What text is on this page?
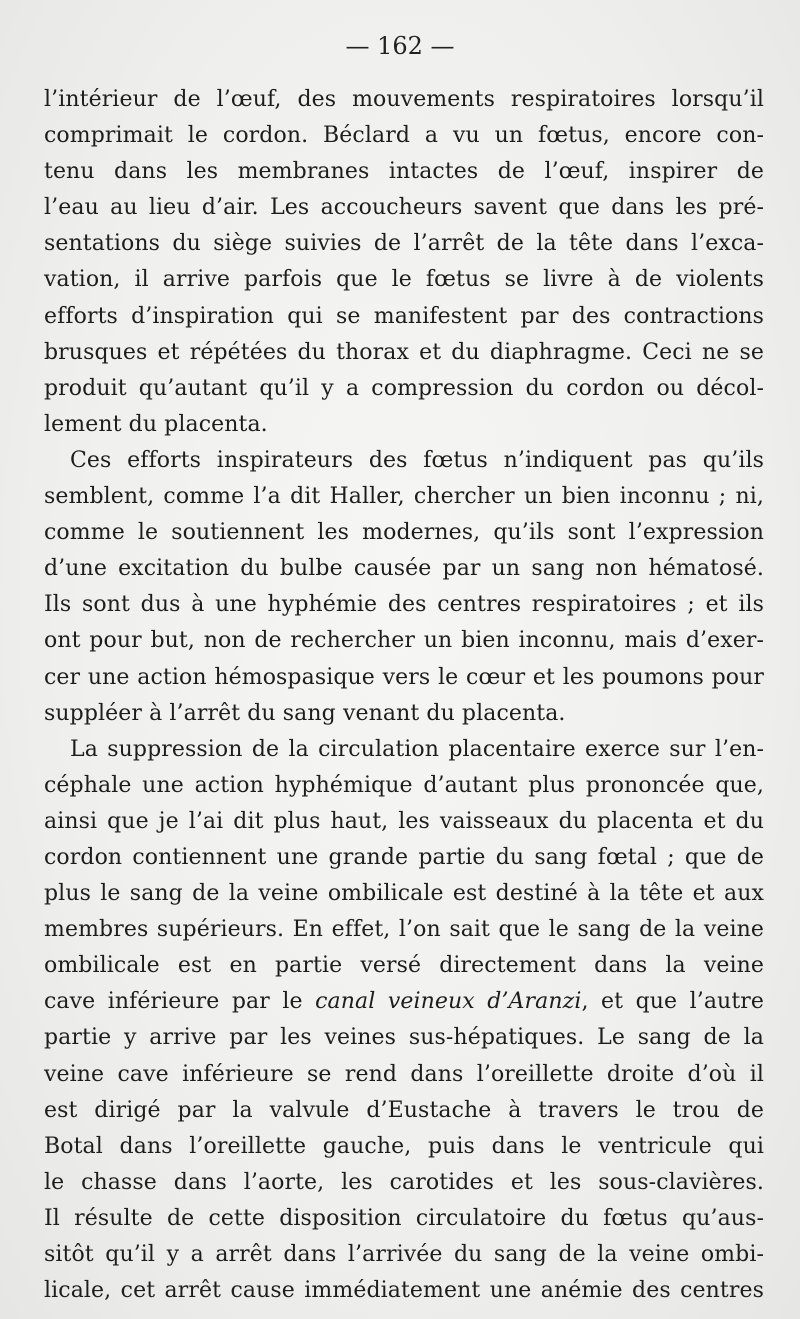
— 162 —

l’intérieur de l’œuf, des mouvements respiratoires lorsqu’il
comprimait le cordon. Béclard a vu un fœtus, encore con-
tenu dans les membranes intactes de l’œuf, inspirer de
l’eau au lieu d’air. Les accoucheurs savent que dans les pré-
sentations du siège suivies de l’arrêt de la tête dans l’exca-
vation, il arrive parfois que le fœtus se livre à de violents
efforts d’inspiration qui se manifestent par des contractions
brusques et répétées du thorax et du diaphragme. Ceci ne se
produit qu’autant qu’il y a compression du cordon ou décol-
lement du placenta.

Ces efforts inspirateurs des fœtus n’indiquent pas qu’ils
semblent, comme l’a dit Haller, chercher un bien inconnu ; ni,
comme le soutiennent les modernes, qu’ils sont l’expression
d’une excitation du bulbe causée par un sang non hématosé.
Ils sont dus à une hyphémie des centres respiratoires ; et ils
ont pour but, non de rechercher un bien inconnu, mais d’exer-
cer une action hémospasique vers le cœur et les poumons pour
suppléer à l’arrêt du sang venant du placenta.

La suppression de la circulation placentaire exerce sur l’en-
céphale une action hyphémique d’autant plus prononcée que,
ainsi que je l’ai dit plus haut, les vaisseaux du placenta et du
cordon contiennent une grande partie du sang fœtal ; que de
plus le sang de la veine ombilicale est destiné à la tête et aux
membres supérieurs. En effet, l’on sait que le sang de la veine
ombilicale est en partie versé directement dans la veine
cave inférieure par le canal veineux d’Aranzi, et que l’autre
partie y arrive par les veines sus-hépatiques. Le sang de la
veine cave inférieure se rend dans l’oreillette droite d’où il
est dirigé par la valvule d’Eustache à travers le trou de
Botal dans l’oreillette gauche, puis dans le ventricule qui
le chasse dans l’aorte, les carotides et les sous-clavières.
Il résulte de cette disposition circulatoire du fœtus qu’aus-
sitôt qu’il y a arrêt dans l’arrivée du sang de la veine ombi-
licale, cet arrêt cause immédiatement une anémie des centres
